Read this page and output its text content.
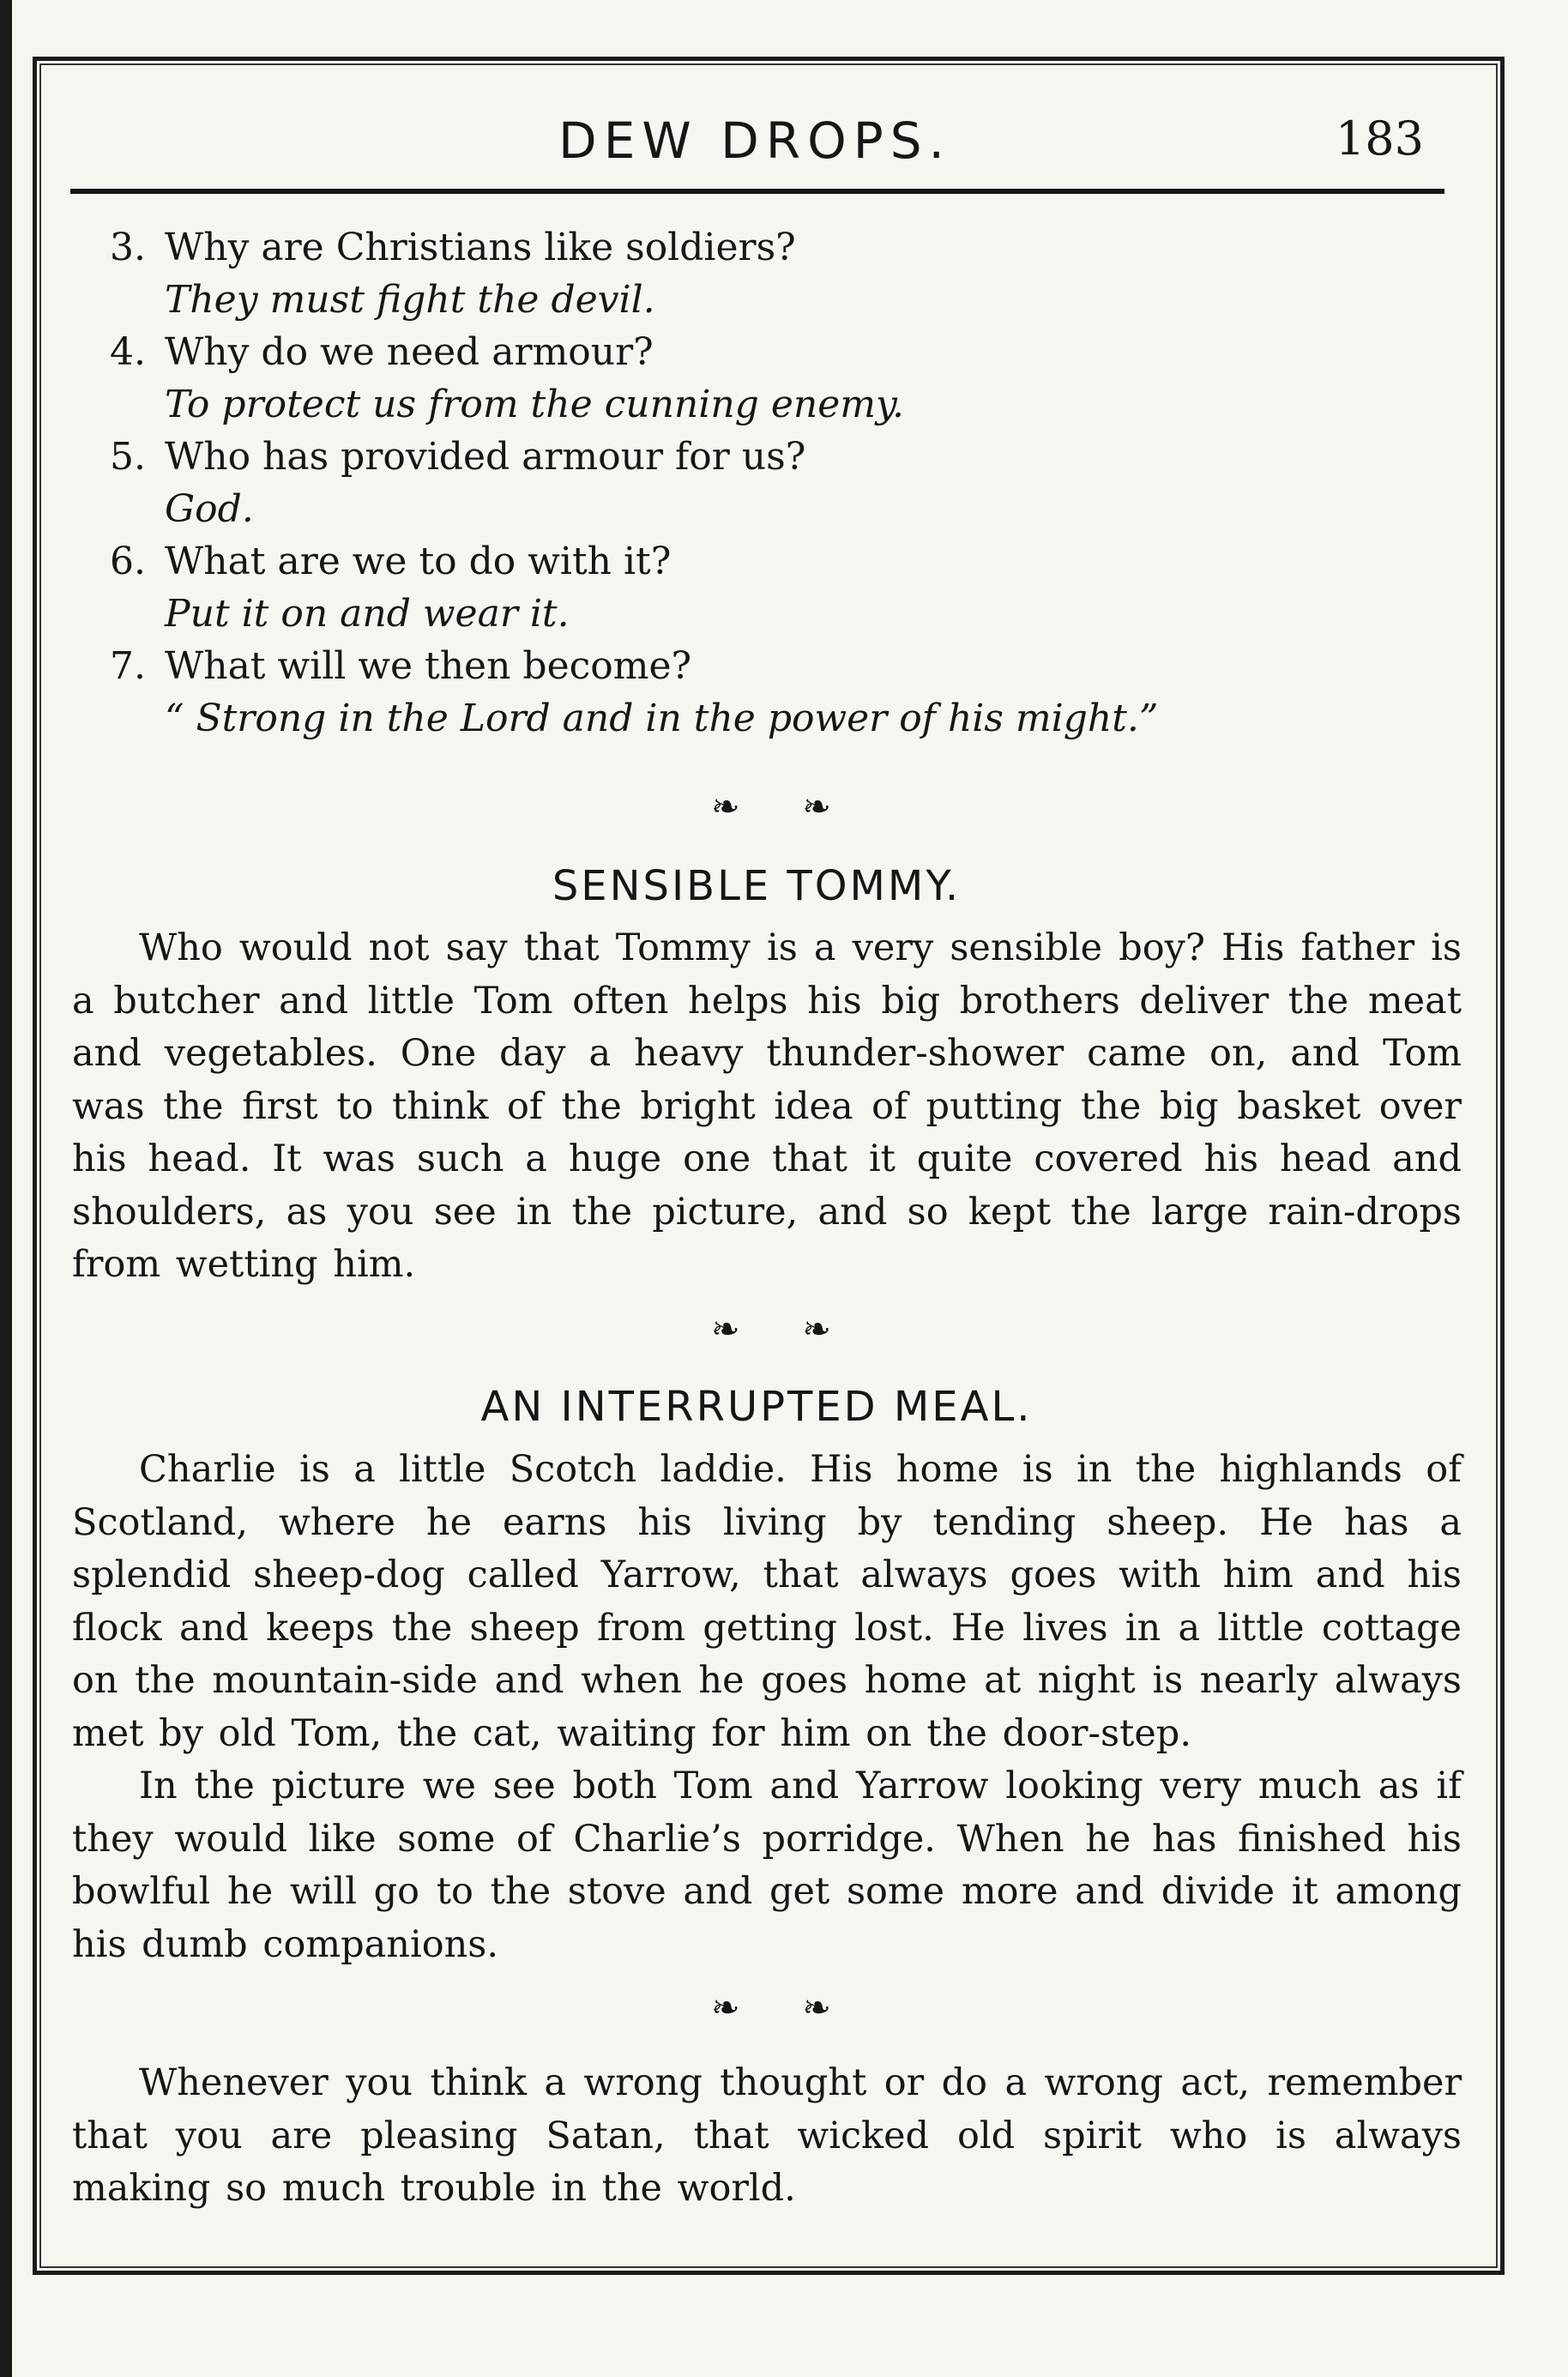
DEW DROPS.	183
3. Why are Christians like soldiers?
They must fight the devil.
4. Why do we need armour?
To protect us from the cunning enemy.
5. Who has provided armour for us?
God.
6. What are we to do with it?
Put it on and wear it.
7. What will we then become?
“ Strong in the Lord and in the power of his might.”
❧ ❧
SENSIBLE TOMMY.
Who would not say that Tommy is a very sensible boy? His father is a butcher and little Tom often helps his big brothers deliver the meat and vegetables. One day a heavy thunder-shower came on, and Tom was the first to think of the bright idea of putting the big basket over his head. It was such a huge one that it quite covered his head and shoulders, as you see in the picture, and so kept the large rain-drops from wetting him.
❧ ❧
AN INTERRUPTED MEAL.
Charlie is a little Scotch laddie. His home is in the highlands of Scotland, where he earns his living by tending sheep. He has a splendid sheep-dog called Yarrow, that always goes with him and his flock and keeps the sheep from getting lost. He lives in a little cottage on the mountain-side and when he goes home at night is nearly always met by old Tom, the cat, waiting for him on the door-step.
In the picture we see both Tom and Yarrow looking very much as if they would like some of Charlie’s porridge. When he has finished his bowlful he will go to the stove and get some more and divide it among his dumb companions.
❧ ❧
Whenever you think a wrong thought or do a wrong act, remember that you are pleasing Satan, that wicked old spirit who is always making so much trouble in the world.
